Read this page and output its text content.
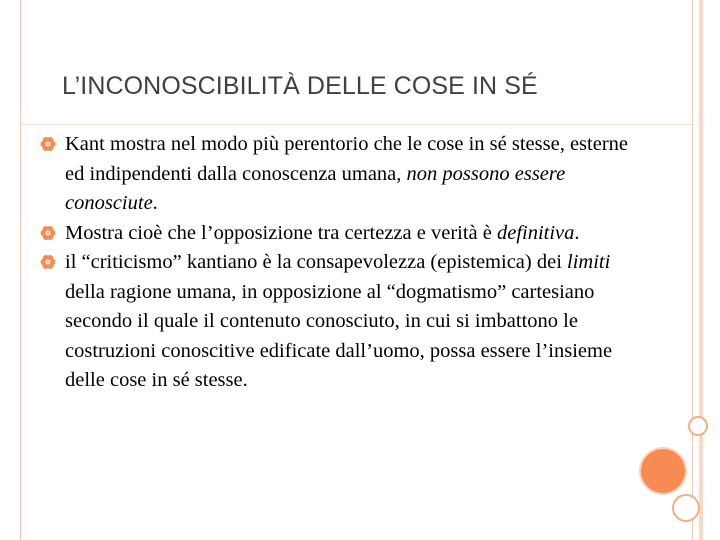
L’INCONOSCIBILITÀ DELLE COSE IN SÉ
Kant mostra nel modo più perentorio che le cose in sé stesse, esterne ed indipendenti dalla conoscenza umana, non possono essere conosciute.
Mostra cioè che l’opposizione tra certezza e verità è definitiva.
il “criticismo” kantiano è la consapevolezza (epistemica) dei limiti della ragione umana, in opposizione al “dogmatismo” cartesiano secondo il quale il contenuto conosciuto, in cui si imbattono le costruzioni conoscitive edificate dall’uomo, possa essere l’insieme delle cose in sé stesse.
